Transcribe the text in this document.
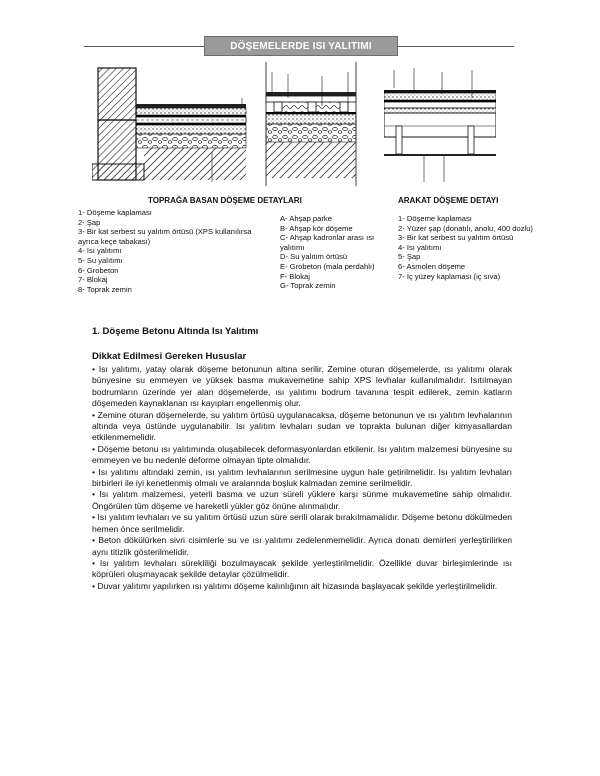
DÖŞEMELERDE ISI YALITIMI
TOPRAĞA BASAN DÖŞEME DETAYLARI	ARAKAT DÖŞEME DETAYI
1- Döşeme kaplaması
2- Şap
3- Bir kat serbest su yalıtım örtüsü (XPS kullanılırsa ayrıca keçe tabakası)
4- Isı yalıtımı
5- Su yalıtımı
6- Grobeton
7- Blokaj
8- Toprak zemin
A- Ahşap parke
B- Ahşap kör döşeme
C- Ahşap kadronlar arası ısı yalıtımı
D- Su yalıtım örtüsü
E- Grobeton (mala perdahlı)
F- Blokaj
G- Toprak zemin
1- Döşeme kaplaması
2- Yüzer şap (donatılı, anolu, 400 dozlu)
3- Bir kat serbest su yalıtım örtüsü
4- Isı yalıtımı
5- Şap
6- Asmolen döşeme
7- İç yüzey kaplaması (iç sıva)
1. Döşeme Betonu Altında Isı Yalıtımı
Dikkat Edilmesi Gereken Hususlar

• Isı yalıtımı, yatay olarak döşeme betonunun altına serilir. Zemine oturan döşemelerde, ısı yalıtımı olarak bünyesine su emmeyen ve yüksek basma mukavemetine sahip XPS levhalar kullanılmalıdır. Isıtılmayan bodrumların üzerinde yer alan döşemelerde, ısı yalıtımı bodrum tavanına tespit edilerek, zemin katların döşemeden kaynaklanan ısı kayıpları engellenmiş olur.

• Zemine oturan döşemelerde, su yalıtım örtüsü uygulanacaksa, döşeme betonunun ve ısı yalıtım levhalarının altında veya üstünde uygulanabilir. Isı yalıtım levhaları sudan ve toprakta bulunan diğer kimyasallardan etkilenmemelidir.

• Döşeme betonu ısı yalıtımında oluşabilecek deformasyonlardan etkilenir. Isı yalıtım malzemesi bünyesine su emmeyen ve bu nedenle deforme olmayan tipte olmalıdır.

• Isı yalıtımı altındaki zemin, ısı yalıtım levhalarının serilmesine uygun hale getirilmelidir. Isı yalıtım levhaları birbirleri ile iyi kenetlenmiş olmalı ve aralarında boşluk kalmadan zemine serilmelidir.

• Isı yalıtım malzemesi, yeterli basma ve uzun süreli yüklere karşı sünme mukavemetine sahip olmalıdır. Öngörülen tüm döşeme ve hareketli yükler göz önüne alınmalıdır.

• Isı yalıtım levhaları ve su yalıtım örtüsü uzun süre serili olarak bırakılmamalıdır. Döşeme betonu dökülmeden hemen önce serilmelidir.

• Beton dökülürken sivri cisimlerle su ve ısı yalıtımı zedelenmemelidir. Ayrıca donatı demirleri yerleştirilirken aynı titizlik gösterilmelidir.

• Isı yalıtım levhaları sürekliliği bozulmayacak şekilde yerleştirilmelidir. Özellikle duvar birleşimlerinde ısı köprüleri oluşmayacak şekilde detaylar çözülmelidir.

• Duvar yalıtımı yapılırken ısı yalıtımı döşeme kalınlığının alt hizasında başlayacak şekilde yerleştirilmelidir.
